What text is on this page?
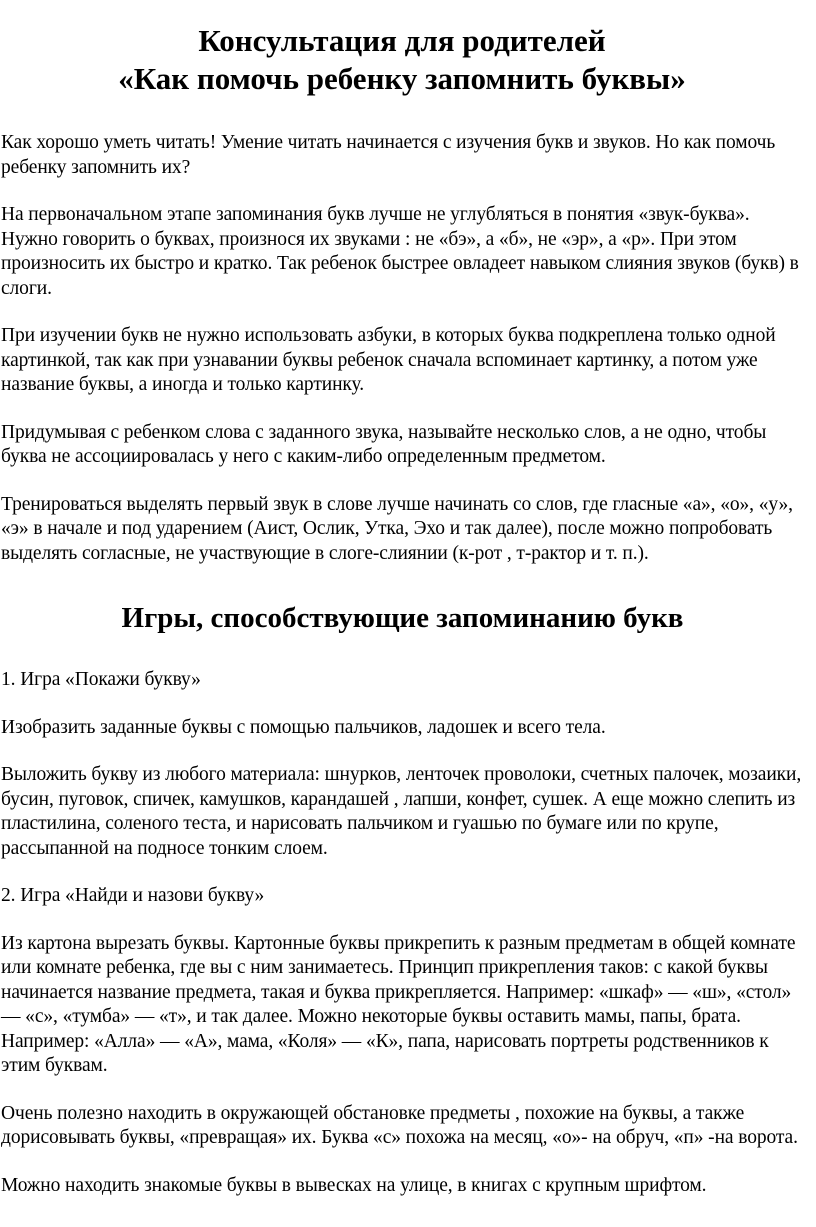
Консультация для родителей
«Как помочь ребенку запомнить буквы»

Как хорошо уметь читать! Умение читать начинается с изучения букв и звуков. Но как помочь ребенку запомнить их?

На первоначальном этапе запоминания букв лучше не углубляться в понятия «звук-буква». Нужно говорить о буквах, произнося их звуками : не «бэ», а «б», не «эр», а «р». При этом произносить их быстро и кратко. Так ребенок быстрее овладеет навыком слияния звуков (букв) в слоги.

При изучении букв не нужно использовать азбуки, в которых буква подкреплена только одной картинкой, так как при узнавании буквы ребенок сначала вспоминает картинку, а потом уже название буквы, а иногда и только картинку.

Придумывая с ребенком слова с заданного звука, называйте несколько слов, а не одно, чтобы буква не ассоциировалась у него с каким-либо определенным предметом.

Тренироваться выделять первый звук в слове лучше начинать со слов, где гласные «а», «о», «у», «э» в начале и под ударением (Аист, Ослик, Утка, Эхо и так далее), после можно попробовать выделять согласные, не участвующие в слоге-слиянии (к-рот , т-рактор и т. п.).

Игры, способствующие запоминанию букв

1. Игра «Покажи букву»

Изобразить заданные буквы с помощью пальчиков, ладошек и всего тела.

Выложить букву из любого материала: шнурков, ленточек проволоки, счетных палочек, мозаики, бусин, пуговок, спичек, камушков, карандашей , лапши, конфет, сушек. А еще можно слепить из пластилина, соленого теста, и нарисовать пальчиком и гуашью по бумаге или по крупе, рассыпанной на подносе тонким слоем.

2. Игра «Найди и назови букву»

Из картона вырезать буквы. Картонные буквы прикрепить к разным предметам в общей комнате или комнате ребенка, где вы с ним занимаетесь. Принцип прикрепления таков: с какой буквы начинается название предмета, такая и буква прикрепляется. Например: «шкаф» — «ш», «стол» — «с», «тумба» — «т», и так далее. Можно некоторые буквы оставить мамы, папы, брата. Например: «Алла» — «А», мама, «Коля» — «К», папа, нарисовать портреты родственников к этим буквам.

Очень полезно находить в окружающей обстановке предметы , похожие на буквы, а также дорисовывать буквы, «превращая» их. Буква «с» похожа на месяц, «о»- на обруч, «п» -на ворота.

Можно находить знакомые буквы в вывесках на улице, в книгах с крупным шрифтом.
